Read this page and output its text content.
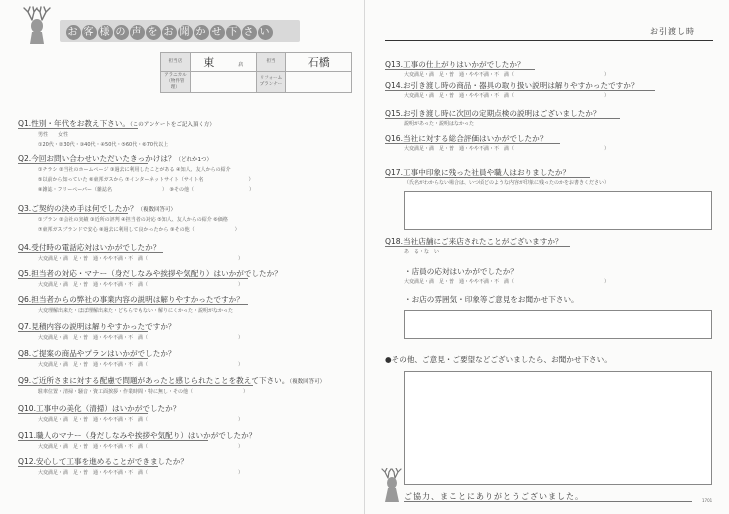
お 客 様 の 声 を お 聞 か せ 下 さ い
担当店	東 店	担当	石橋
アラニカル（物件管理）		リフォームプランナー	
Q1.性別・年代をお教え下さい。（このアンケートをご記入頂く方）
男性　　女性
①20代・②30代・③40代・④50代・⑤60代・⑥70代以上
Q2.今回お問い合わせいただいたきっかけは？（どれか1つ）
①チラシ ②当社のホームページ ③過去に利用したことがある ④知人、友人からの紹介
⑤以前から知っていた ⑥東邦ガスから ⑦インターネットサイト（サイト名　　　　　　　　　）
⑧雑誌・フリーペーパー（雑誌名　　　　　　　　　　）　⑨その他（　　　　　　　　　　　）
Q3.ご契約の決め手は何でしたか？（複数回答可）
①プラン ②会社の実績 ③近所の評判 ④担当者の対応 ⑤知人、友人からの紹介 ⑥価格
⑦東邦ガスブランドで安心 ⑧過去に利用して良かったから ⑨その他（　　　　　　　　）
Q4.受付時の電話応対はいかがでしたか？
大変満足・満　足・普　通・やや不満・不　満（　　　　　　　　　　　　　　　　　　）
Q5.担当者の対応・マナー（身だしなみや挨拶や気配り）はいかがでしたか？
大変満足・満　足・普　通・やや不満・不　満（　　　　　　　　　　　　　　　　　　）
Q6.担当者からの弊社の事業内容の説明は解りやすかったですか？
大変理解出来た・ほぼ理解出来た・どちらでもない・解りにくかった・説明がなかった
Q7.見積内容の説明は解りやすかったですか？
大変満足・満　足・普　通・やや不満・不　満（　　　　　　　　　　　　　　　　　　）
Q8.ご提案の商品やプランはいかがでしたか？
大変満足・満　足・普　通・やや不満・不　満（　　　　　　　　　　　　　　　　　　）
Q9.ご近所さまに対する配慮で問題があったと感じられたことを教えて下さい。（複数回答可）
駐車位置・清掃・騒音・資工面挨拶・作業時間・特に無し・その他（　　　　　　　　　　）
Q10.工事中の美化（清掃）はいかがでしたか？
大変満足・満　足・普　通・やや不満・不　満（　　　　　　　　　　　　　　　　　　）
Q11.職人のマナー（身だしなみや挨拶や気配り）はいかがでしたか？
大変満足・満　足・普　通・やや不満・不　満（　　　　　　　　　　　　　　　　　　）
Q12.安心して工事を進めることができましたか？
大変満足・満　足・普　通・やや不満・不　満（　　　　　　　　　　　　　　　　　　）
お引渡し時
Q13.工事の仕上がりはいかがでしたか？
大変満足・満　足・普　通・やや不満・不　満（　　　　　　　　　　　　　　　　　　）
Q14.お引き渡し時の商品・器具の取り扱い説明は解りやすかったですか？
大変満足・満　足・普　通・やや不満・不　満（　　　　　　　　　　　　　　　　　　）
Q15.お引き渡し時に次回の定期点検の説明はございましたか？
説明があった・説明はなかった
Q16.当社に対する総合評価はいかがでしたか？
大変満足・満　足・普　通・やや不満・不　満（　　　　　　　　　　　　　　　　　　）
Q17.工事中印象に残った社員や職人はおりましたか？
（氏名がわからない場合は、いつ頃どのような内容が印象に残ったのかをお書きください）
Q18.当社店舗にご来店されたことがございますか？
あ　る・な　い
・店員の応対はいかがでしたか？
大変満足・満　足・普　通・やや不満・不　満（　　　　　　　　　　　　　　　　　　）
・お店の雰囲気・印象等ご意見をお聞かせ下さい。
●その他、ご意見・ご要望などございましたら、お聞かせ下さい。
ご協力、まことにありがとうございました。	1701
